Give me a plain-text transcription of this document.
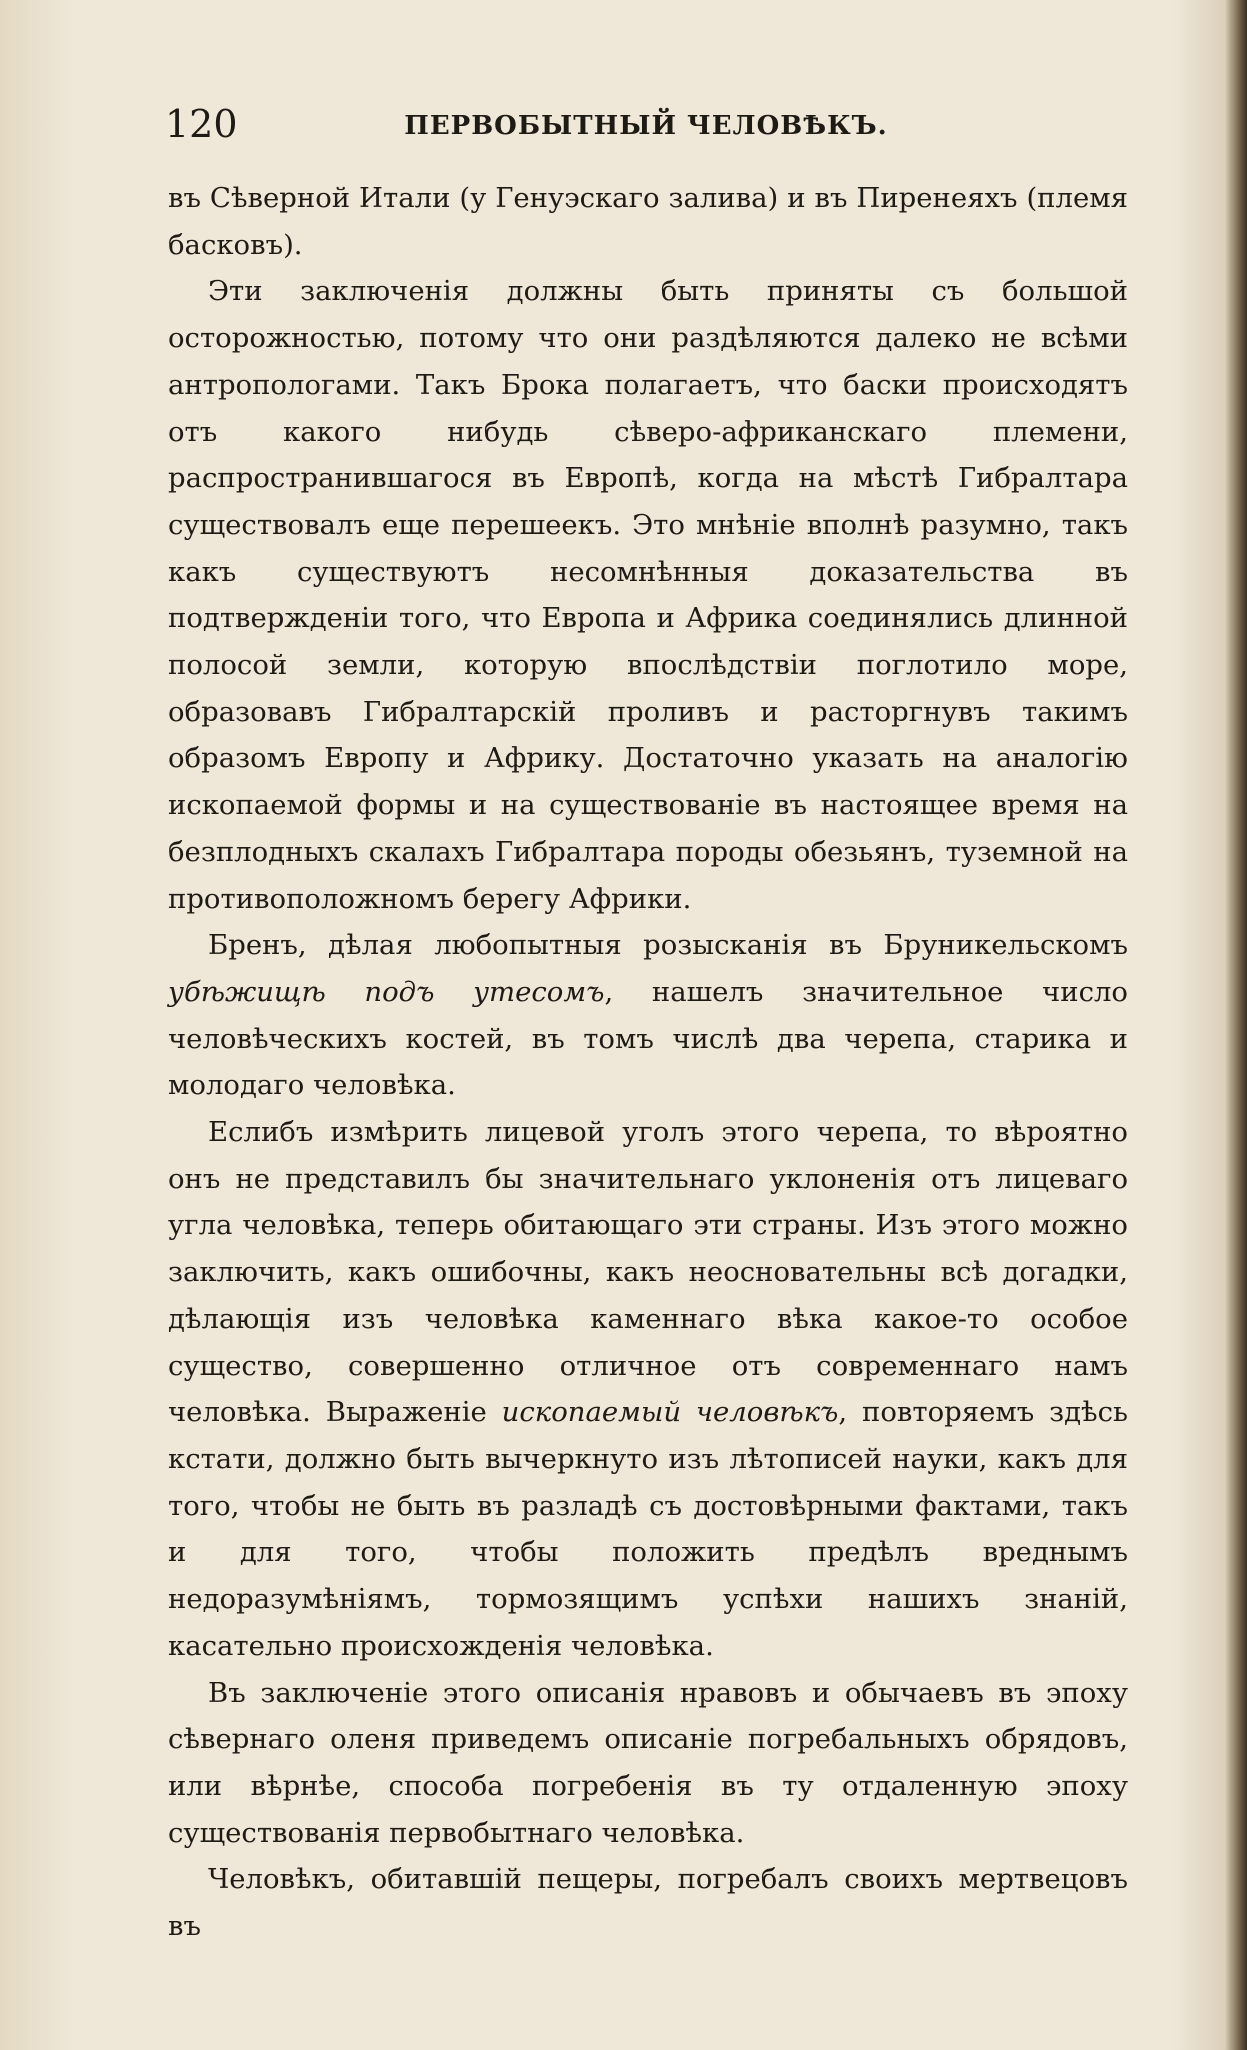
120	ПЕРВОБЫТНЫЙ ЧЕЛОВѢКЪ.

въ Сѣверной Итали (у Генуэскаго залива) и въ Пиренеяхъ (племя басковъ).

Эти заключенія должны быть приняты съ большой осторожностью, потому что они раздѣляются далеко не всѣми антропологами. Такъ Брока полагаетъ, что баски происходятъ отъ какого нибудь сѣверо-африканскаго племени, распространившагося въ Европѣ, когда на мѣстѣ Гибралтара существовалъ еще перешеекъ. Это мнѣніе вполнѣ разумно, такъ какъ существуютъ несомнѣнныя доказательства въ подтвержденіи того, что Европа и Африка соединялись длинной полосой земли, которую впослѣдствіи поглотило море, образовавъ Гибралтарскій проливъ и расторгнувъ такимъ образомъ Европу и Африку. Достаточно указать на аналогію ископаемой формы и на существованіе въ настоящее время на безплодныхъ скалахъ Гибралтара породы обезьянъ, туземной на противоположномъ берегу Африки.

Бренъ, дѣлая любопытныя розысканія въ Бруникельскомъ убѣжищѣ подъ утесомъ, нашелъ значительное число человѣческихъ костей, въ томъ числѣ два черепа, старика и молодаго человѣка.

Еслибъ измѣрить лицевой уголъ этого черепа, то вѣроятно онъ не представилъ бы значительнаго уклоненія отъ лицеваго угла человѣка, теперь обитающаго эти страны. Изъ этого можно заключить, какъ ошибочны, какъ неосновательны всѣ догадки, дѣлающія изъ человѣка каменнаго вѣка какое-то особое существо, совершенно отличное отъ современнаго намъ человѣка. Выраженіе ископаемый человѣкъ, повторяемъ здѣсь кстати, должно быть вычеркнуто изъ лѣтописей науки, какъ для того, чтобы не быть въ разладѣ съ достовѣрными фактами, такъ и для того, чтобы положить предѣлъ вреднымъ недоразумѣніямъ, тормозящимъ успѣхи нашихъ знаній, касательно происхожденія человѣка.

Въ заключеніе этого описанія нравовъ и обычаевъ въ эпоху сѣвернаго оленя приведемъ описаніе погребальныхъ обрядовъ, или вѣрнѣе, способа погребенія въ ту отдаленную эпоху существованія первобытнаго человѣка.

Человѣкъ, обитавшій пещеры, погребалъ своихъ мертвецовъ въ
